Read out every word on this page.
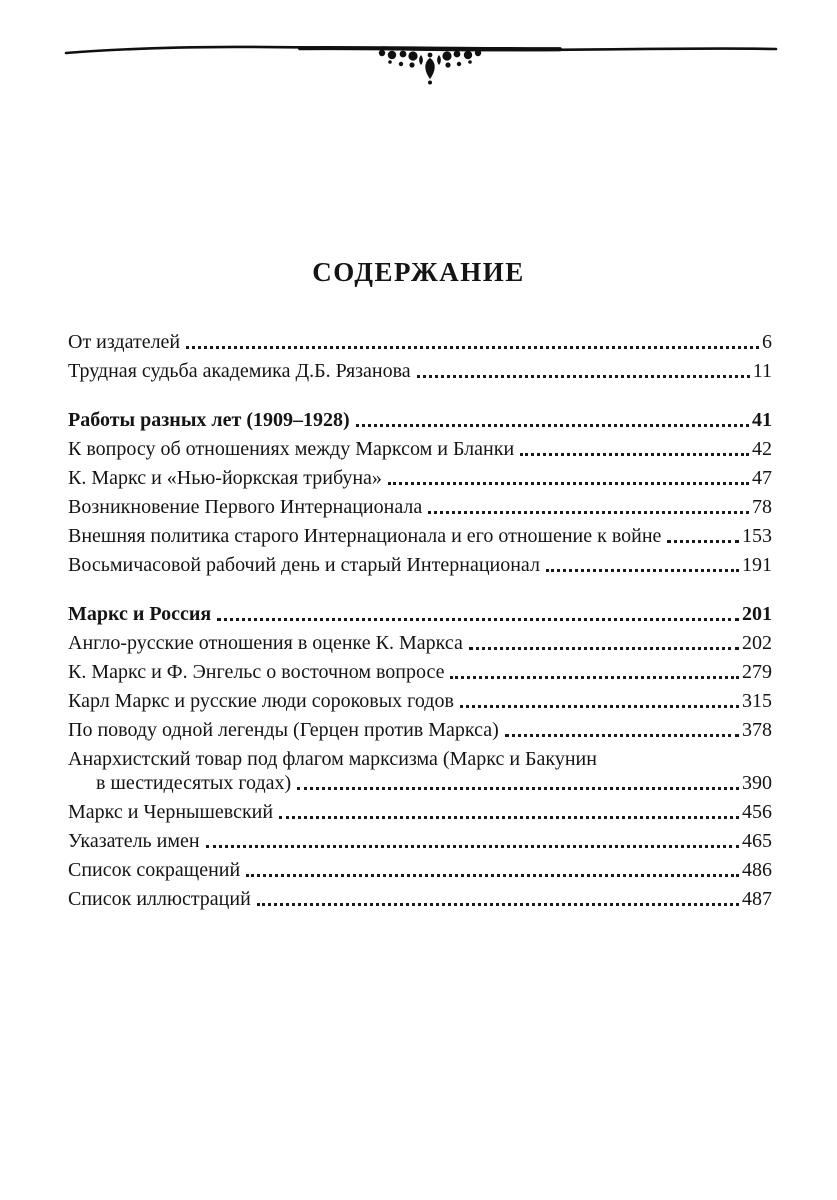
СОДЕРЖАНИЕ
От издателей	6
Трудная судьба академика Д.Б. Рязанова	11
Работы разных лет (1909–1928)	41
К вопросу об отношениях между Марксом и Бланки	42
К. Маркс и «Нью-йоркская трибуна»	47
Возникновение Первого Интернационала	78
Внешняя политика старого Интернационала и его отношение к войне	153
Восьмичасовой рабочий день и старый Интернационал	191
Маркс и Россия	201
Англо-русские отношения в оценке К. Маркса	202
К. Маркс и Ф. Энгельс о восточном вопросе	279
Карл Маркс и русские люди сороковых годов	315
По поводу одной легенды (Герцен против Маркса)	378
Анархистский товар под флагом марксизма (Маркс и Бакунин
в шестидесятых годах)	390
Маркс и Чернышевский	456
Указатель имен	465
Список сокращений	486
Список иллюстраций	487
